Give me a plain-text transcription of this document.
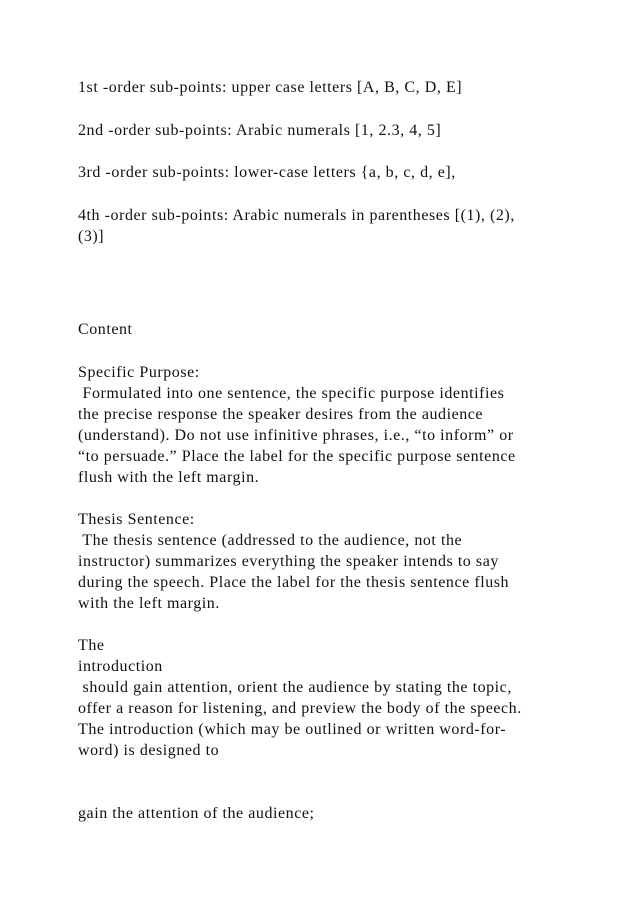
1st -order sub-points: upper case letters [A, B, C, D, E]

2nd -order sub-points: Arabic numerals [1, 2.3, 4, 5]

3rd -order sub-points: lower-case letters {a, b, c, d, e],

4th -order sub-points: Arabic numerals in parentheses [(1), (2),

(3)]

Content

Specific Purpose:

Formulated into one sentence, the specific purpose identifies

the precise response the speaker desires from the audience

(understand). Do not use infinitive phrases, i.e., “to inform” or

“to persuade.” Place the label for the specific purpose sentence

flush with the left margin.

Thesis Sentence:

The thesis sentence (addressed to the audience, not the

instructor) summarizes everything the speaker intends to say

during the speech. Place the label for the thesis sentence flush

with the left margin.

The

introduction

should gain attention, orient the audience by stating the topic,

offer a reason for listening, and preview the body of the speech.

The introduction (which may be outlined or written word-for-

word) is designed to

gain the attention of the audience;
